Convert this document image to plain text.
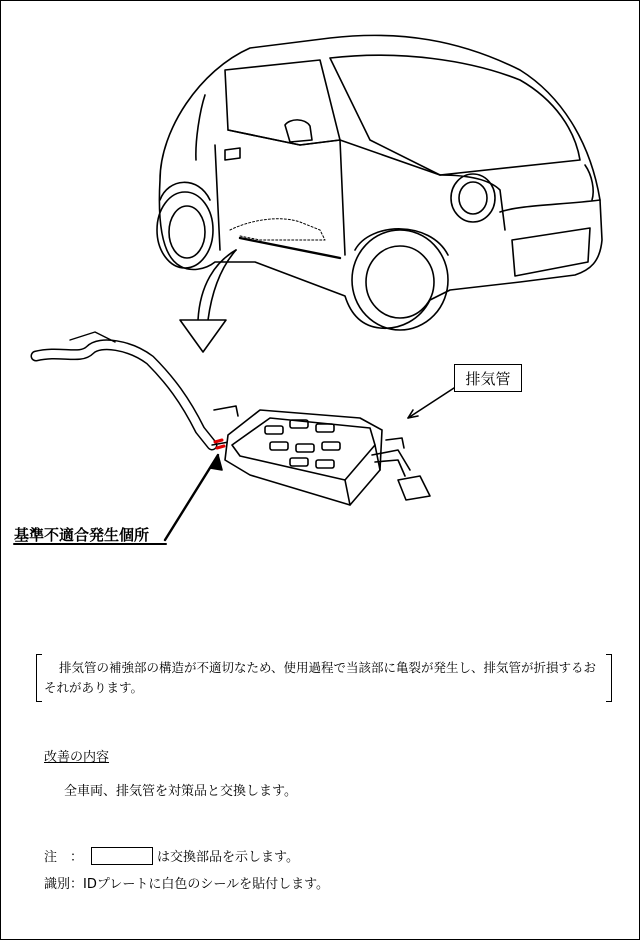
排気管
基準不適合発生個所
排気管の補強部の構造が不適切なため、使用過程で当該部に亀裂が発生し、排気管が折損するおそれがあります。
改善の内容
全車両、排気管を対策品と交換します。
注　：	は交換部品を示します。
識別：IDプレートに白色のシールを貼付します。
